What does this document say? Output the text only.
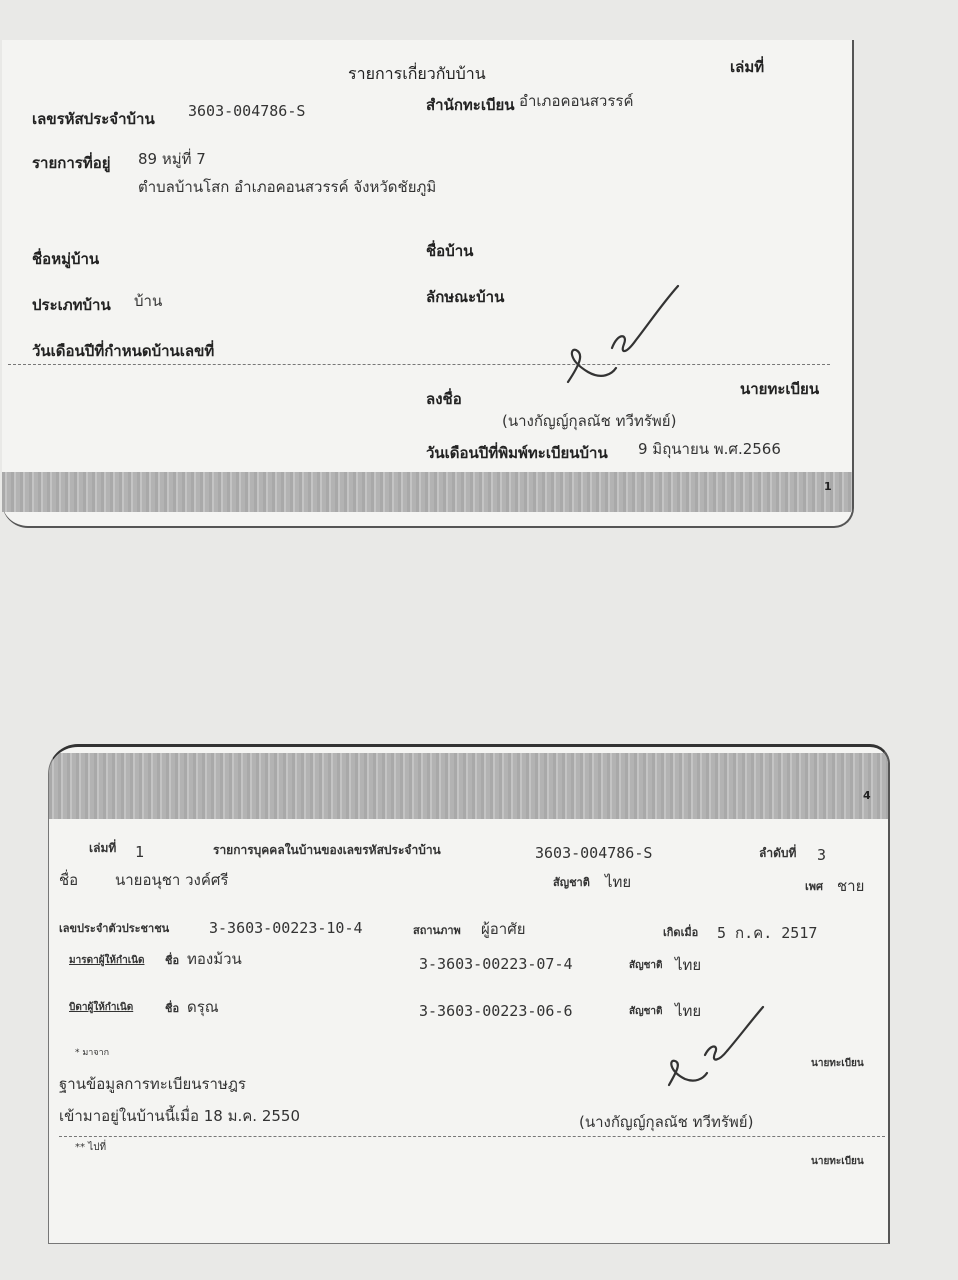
รายการเกี่ยวกับบ้าน	เล่มที่
เลขรหัสประจำบ้าน 3603-004786-S	สำนักทะเบียน อำเภอคอนสวรรค์
รายการที่อยู่ 89 หมู่ที่ 7
ตำบลบ้านโสก อำเภอคอนสวรรค์ จังหวัดชัยภูมิ
ชื่อหมู่บ้าน	ชื่อบ้าน
ประเภทบ้าน บ้าน	ลักษณะบ้าน
วันเดือนปีที่กำหนดบ้านเลขที่
ลงชื่อ
นายทะเบียน
(นางกัญญ์กุลณัช ทวีทรัพย์)
วันเดือนปีที่พิมพ์ทะเบียนบ้าน 9 มิถุนายน พ.ศ.2566
1
4
เล่มที่ 1	รายการบุคคลในบ้านของเลขรหัสประจำบ้าน	3603-004786-S	ลำดับที่ 3
ชื่อ นายอนุชา วงค์ศรี	สัญชาติ ไทย	เพศ ชาย
เลขประจำตัวประชาชน	3-3603-00223-10-4	สถานภาพ ผู้อาศัย	เกิดเมื่อ 5 ก.ค. 2517
มารดาผู้ให้กำเนิด ชื่อ ทองม้วน	3-3603-00223-07-4	สัญชาติ ไทย
บิดาผู้ให้กำเนิด	ชื่อ ดรุณ	3-3603-00223-06-6	สัญชาติ ไทย
* มาจาก
นายทะเบียน
ฐานข้อมูลการทะเบียนราษฎร
เข้ามาอยู่ในบ้านนี้เมื่อ 18 ม.ค. 2550	(นางกัญญ์กุลณัช ทวีทรัพย์)
** ไปที่
นายทะเบียน
